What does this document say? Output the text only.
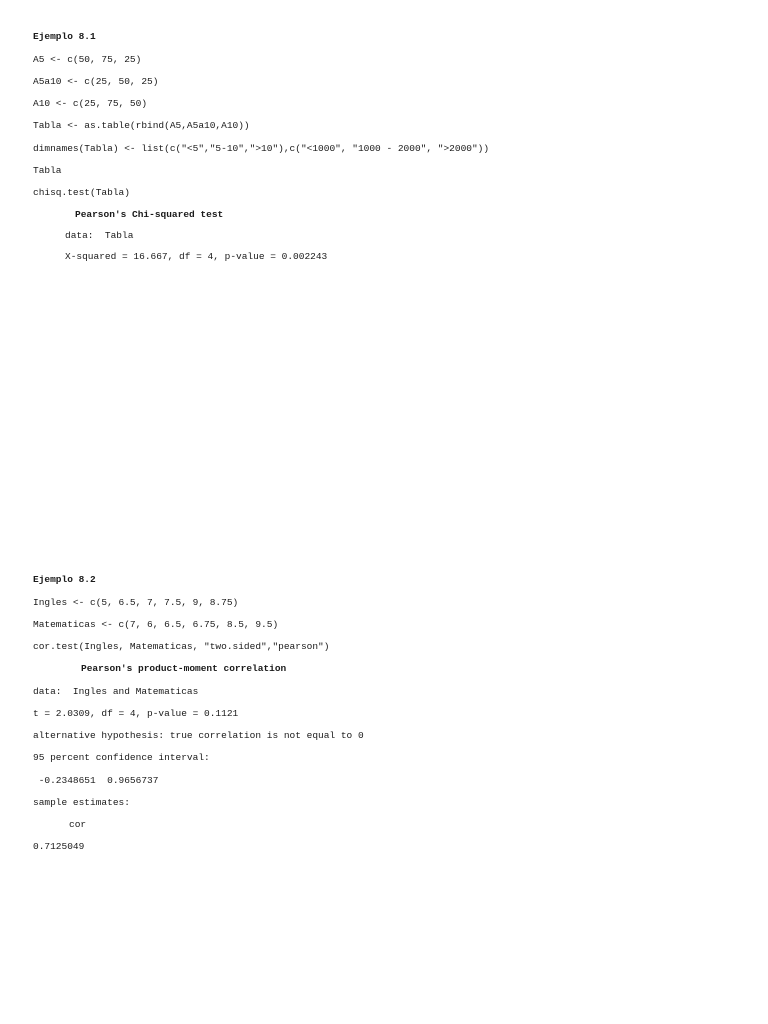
Ejemplo 8.1
A5 <- c(50, 75, 25)
A5a10 <- c(25, 50, 25)
A10 <- c(25, 75, 50)
Tabla <- as.table(rbind(A5,A5a10,A10))
dimnames(Tabla) <- list(c("<5","5-10",">10"),c("<1000", "1000 - 2000", ">2000"))
Tabla
chisq.test(Tabla)
Pearson's Chi-squared test
data:  Tabla
X-squared = 16.667, df = 4, p-value = 0.002243
Ejemplo 8.2
Ingles <- c(5, 6.5, 7, 7.5, 9, 8.75)
Matematicas <- c(7, 6, 6.5, 6.75, 8.5, 9.5)
cor.test(Ingles, Matematicas, "two.sided","pearson")
Pearson's product-moment correlation
data:  Ingles and Matematicas
t = 2.0309, df = 4, p-value = 0.1121
alternative hypothesis: true correlation is not equal to 0
95 percent confidence interval:
-0.2348651  0.9656737
sample estimates:
cor
0.7125049
